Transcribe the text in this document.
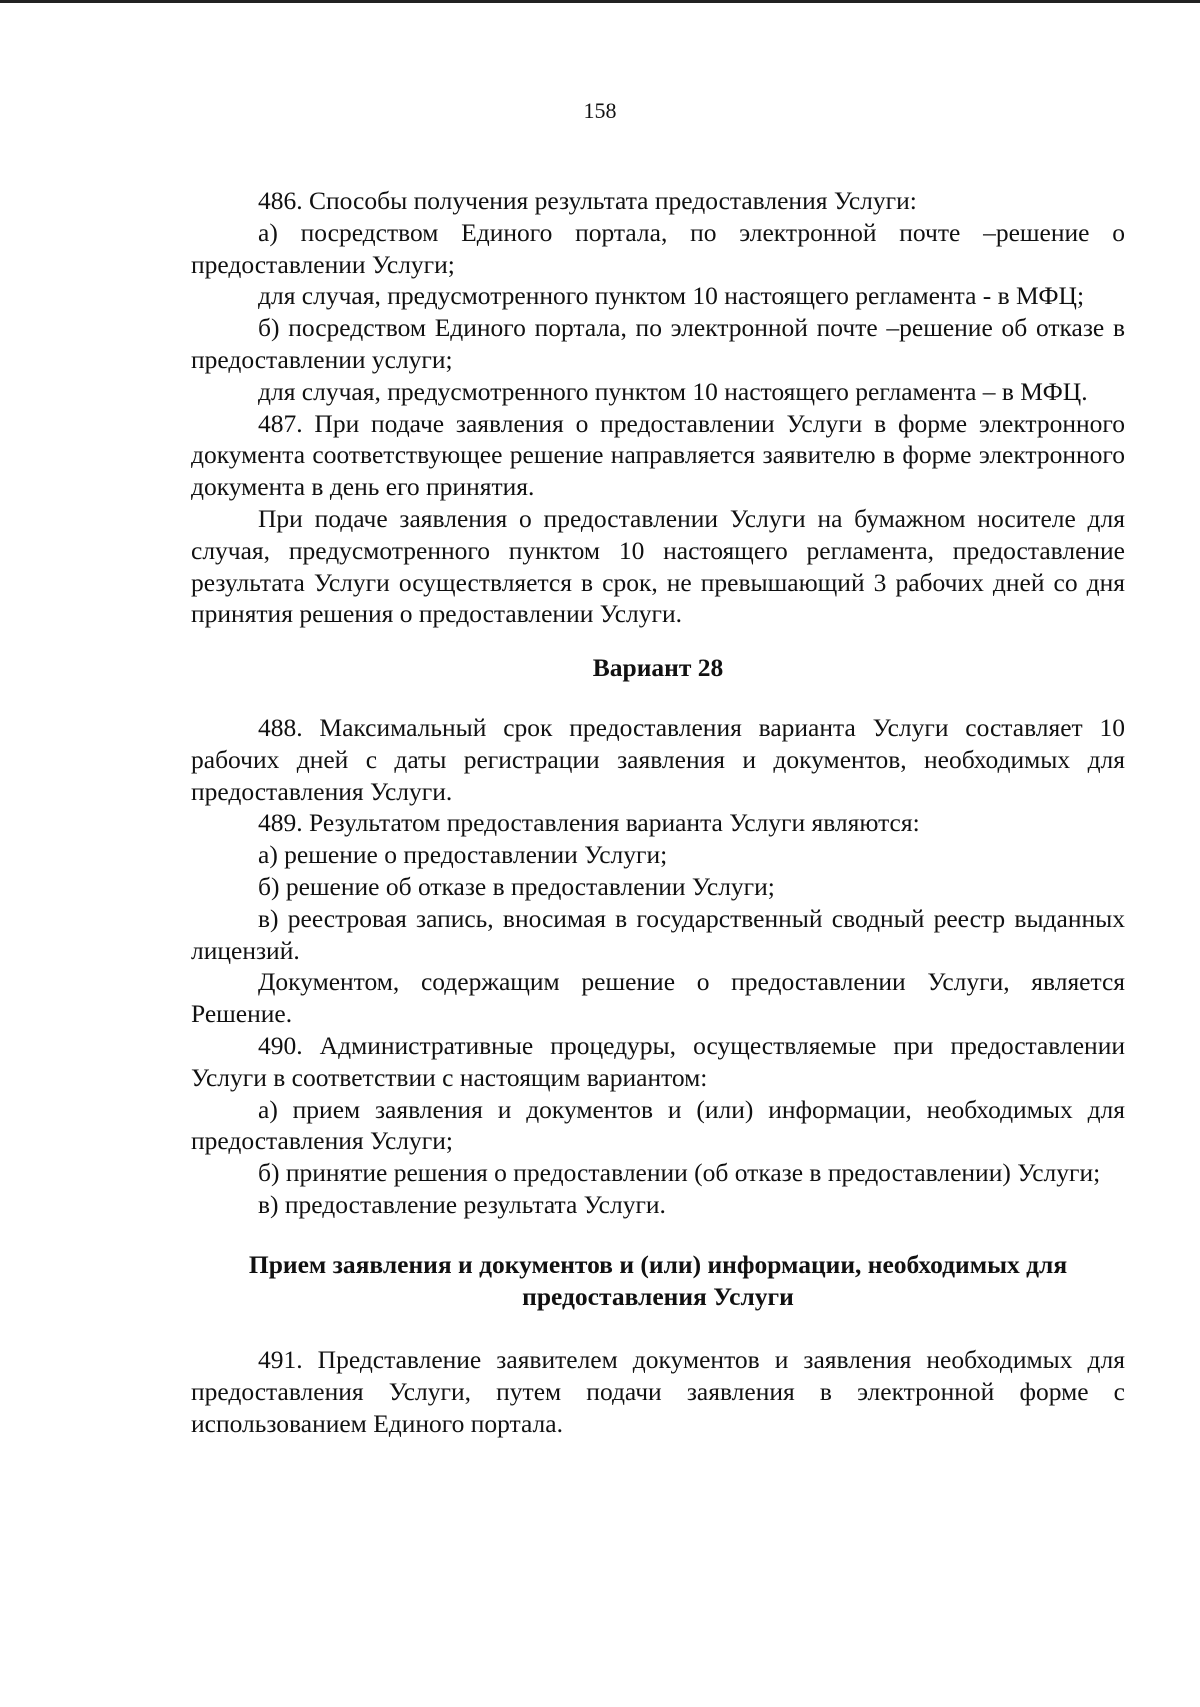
158

486. Способы получения результата предоставления Услуги:

а) посредством Единого портала, по электронной почте –решение о предоставлении Услуги;

для случая, предусмотренного пунктом 10 настоящего регламента - в МФЦ;

б) посредством Единого портала, по электронной почте –решение об отказе в предоставлении услуги;

для случая, предусмотренного пунктом 10 настоящего регламента – в МФЦ.

487. При подаче заявления о предоставлении Услуги в форме электронного документа соответствующее решение направляется заявителю в форме электронного документа в день его принятия.

При подаче заявления о предоставлении Услуги на бумажном носителе для случая, предусмотренного пунктом 10 настоящего регламента, предоставление результата Услуги осуществляется в срок, не превышающий 3 рабочих дней со дня принятия решения о предоставлении Услуги.

Вариант 28

488. Максимальный срок предоставления варианта Услуги составляет 10 рабочих дней с даты регистрации заявления и документов, необходимых для предоставления Услуги.

489. Результатом предоставления варианта Услуги являются:

а) решение о предоставлении Услуги;

б) решение об отказе в предоставлении Услуги;

в) реестровая запись, вносимая в государственный сводный реестр выданных лицензий.

Документом, содержащим решение о предоставлении Услуги, является Решение.

490. Административные процедуры, осуществляемые при предоставлении Услуги в соответствии с настоящим вариантом:

а) прием заявления и документов и (или) информации, необходимых для предоставления Услуги;

б) принятие решения о предоставлении (об отказе в предоставлении) Услуги;

в) предоставление результата Услуги.

Прием заявления и документов и (или) информации, необходимых для
предоставления Услуги

491. Представление заявителем документов и заявления необходимых для предоставления Услуги, путем подачи заявления в электронной форме с использованием Единого портала.
